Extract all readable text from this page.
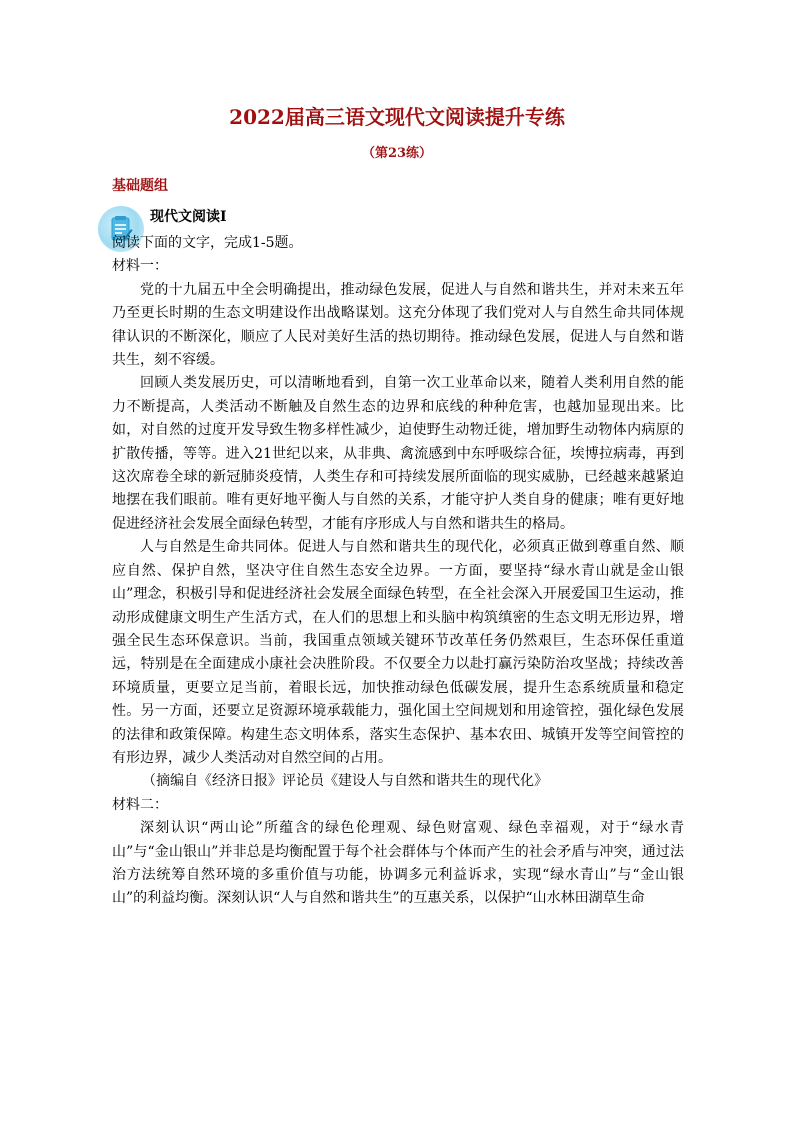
2022届高三语文现代文阅读提升专练
（第23练）
基础题组
现代文阅读Ⅰ

阅读下面的文字，完成1-5题。

材料一：

党的十九届五中全会明确提出，推动绿色发展，促进人与自然和谐共生，并对未来五年乃至更长时期的生态文明建设作出战略谋划。这充分体现了我们党对人与自然生命共同体规律认识的不断深化，顺应了人民对美好生活的热切期待。推动绿色发展，促进人与自然和谐共生，刻不容缓。

回顾人类发展历史，可以清晰地看到，自第一次工业革命以来，随着人类利用自然的能力不断提高，人类活动不断触及自然生态的边界和底线的种种危害，也越加显现出来。比如，对自然的过度开发导致生物多样性减少，迫使野生动物迁徙，增加野生动物体内病原的扩散传播，等等。进入21世纪以来，从非典、禽流感到中东呼吸综合征，埃博拉病毒，再到这次席卷全球的新冠肺炎疫情，人类生存和可持续发展所面临的现实威胁，已经越来越紧迫地摆在我们眼前。唯有更好地平衡人与自然的关系，才能守护人类自身的健康；唯有更好地促进经济社会发展全面绿色转型，才能有序形成人与自然和谐共生的格局。

人与自然是生命共同体。促进人与自然和谐共生的现代化，必须真正做到尊重自然、顺应自然、保护自然，坚决守住自然生态安全边界。一方面，要坚持“绿水青山就是金山银山”理念，积极引导和促进经济社会发展全面绿色转型，在全社会深入开展爱国卫生运动，推动形成健康文明生产生活方式，在人们的思想上和头脑中构筑缜密的生态文明无形边界，增强全民生态环保意识。当前，我国重点领域关键环节改革任务仍然艰巨，生态环保任重道远，特别是在全面建成小康社会决胜阶段。不仅要全力以赴打赢污染防治攻坚战；持续改善环境质量，更要立足当前，着眼长远，加快推动绿色低碳发展，提升生态系统质量和稳定性。另一方面，还要立足资源环境承载能力，强化国土空间规划和用途管控，强化绿色发展的法律和政策保障。构建生态文明体系，落实生态保护、基本农田、城镇开发等空间管控的有形边界，减少人类活动对自然空间的占用。

（摘编自《经济日报》评论员《建设人与自然和谐共生的现代化》

材料二：

深刻认识“两山论”所蕴含的绿色伦理观、绿色财富观、绿色幸福观，对于“绿水青山”与“金山银山”并非总是均衡配置于每个社会群体与个体而产生的社会矛盾与冲突，通过法治方法统筹自然环境的多重价值与功能，协调多元利益诉求，实现“绿水青山”与“金山银山”的利益均衡。深刻认识“人与自然和谐共生”的互惠关系，以保护“山水林田湖草生命
